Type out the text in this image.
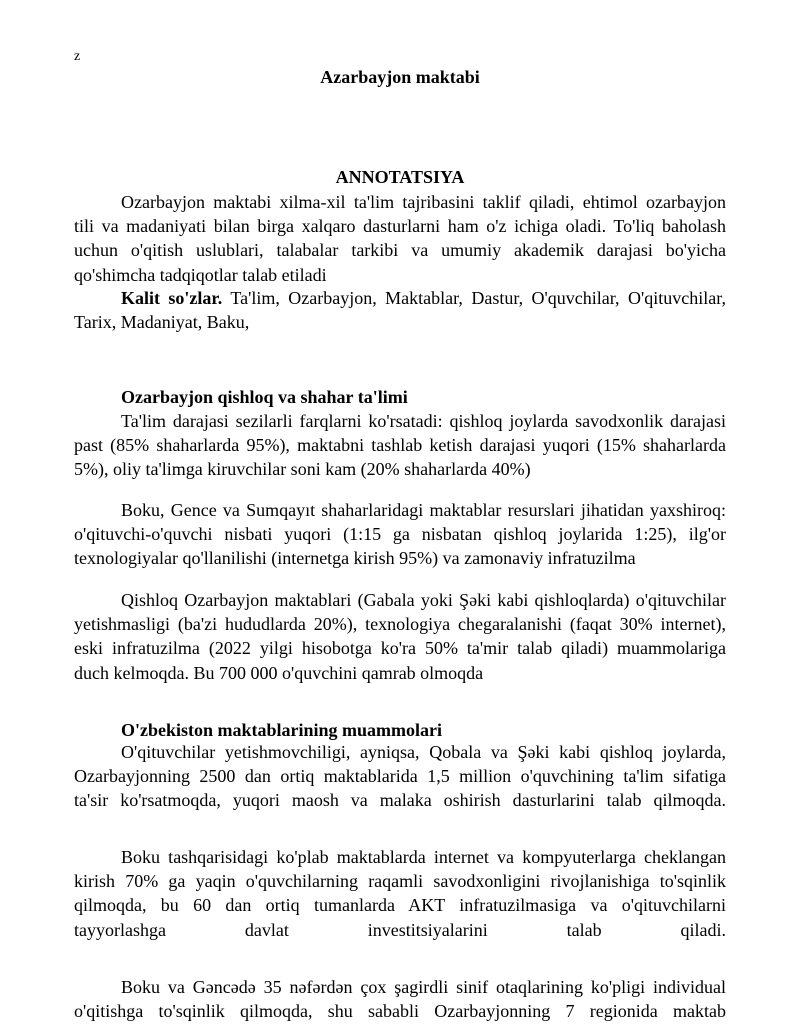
z
Azarbayjon maktabi
ANNOTATSIYA
Ozarbayjon maktabi xilma-xil ta'lim tajribasini taklif qiladi, ehtimol ozarbayjon
tili va madaniyati bilan birga xalqaro dasturlarni ham o'z ichiga oladi. To'liq baholash
uchun o'qitish uslublari, talabalar tarkibi va umumiy akademik darajasi bo'yicha
qo'shimcha tadqiqotlar talab etiladi
Kalit so'zlar. Ta'lim, Ozarbayjon, Maktablar, Dastur, O'quvchilar, O'qituvchilar,
Tarix, Madaniyat, Baku,
Ozarbayjon qishloq va shahar ta'limi
Ta'lim darajasi sezilarli farqlarni ko'rsatadi: qishloq joylarda savodxonlik darajasi
past (85% shaharlarda 95%), maktabni tashlab ketish darajasi yuqori (15% shaharlarda
5%), oliy ta'limga kiruvchilar soni kam (20% shaharlarda 40%)
Boku, Gence va Sumqayıt shaharlaridagi maktablar resurslari jihatidan yaxshiroq:
o'qituvchi-o'quvchi nisbati yuqori (1:15 ga nisbatan qishloq joylarida 1:25), ilg'or
texnologiyalar qo'llanilishi (internetga kirish 95%) va zamonaviy infratuzilma
Qishloq Ozarbayjon maktablari (Gabala yoki Şəki kabi qishloqlarda) o'qituvchilar
yetishmasligi (ba'zi hududlarda 20%), texnologiya chegaralanishi (faqat 30% internet),
eski infratuzilma (2022 yilgi hisobotga ko'ra 50% ta'mir talab qiladi) muammolariga
duch kelmoqda. Bu 700 000 o'quvchini qamrab olmoqda
O'zbekiston maktablarining muammolari
O'qituvchilar yetishmovchiligi, ayniqsa, Qobala va Şəki kabi qishloq joylarda,
Ozarbayjonning 2500 dan ortiq maktablarida 1,5 million o'quvchining ta'lim sifatiga
ta'sir ko'rsatmoqda, yuqori maosh va malaka oshirish dasturlarini talab qilmoqda.
Boku tashqarisidagi ko'plab maktablarda internet va kompyuterlarga cheklangan
kirish 70% ga yaqin o'quvchilarning raqamli savodxonligini rivojlanishiga to'sqinlik
qilmoqda, bu 60 dan ortiq tumanlarda AKT infratuzilmasiga va o'qituvchilarni
tayyorlashga davlat investitsiyalarini talab qiladi.
Boku va Gəncədə 35 nəfərdən çox şagirdli sinif otaqlarining ko'pligi individual
o'qitishga to'sqinlik qilmoqda, shu sababli Ozarbayjonning 7 regionida maktab
